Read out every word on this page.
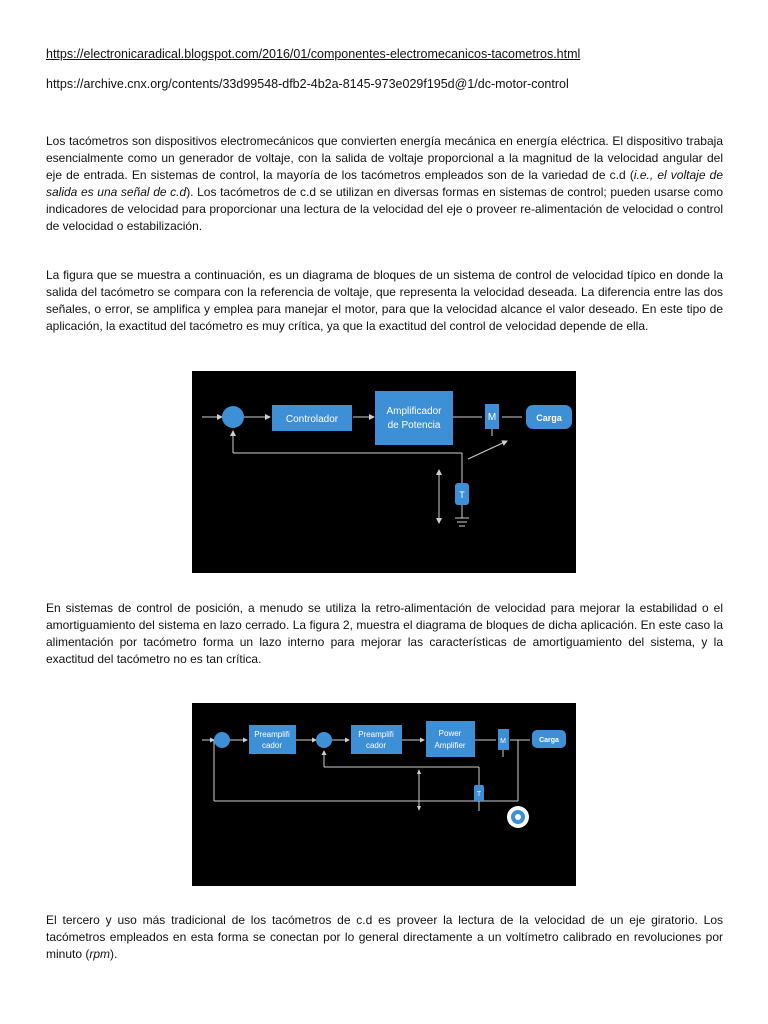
https://electronicaradical.blogspot.com/2016/01/componentes-electromecanicos-tacometros.html
https://archive.cnx.org/contents/33d99548-dfb2-4b2a-8145-973e029f195d@1/dc-motor-control

Los tacómetros son dispositivos electromecánicos que convierten energía mecánica en energía eléctrica. El dispositivo trabaja esencialmente como un generador de voltaje, con la salida de voltaje proporcional a la magnitud de la velocidad angular del eje de entrada. En sistemas de control, la mayoría de los tacómetros empleados son de la variedad de c.d (i.e., el voltaje de salida es una señal de c.d). Los tacómetros de c.d se utilizan en diversas formas en sistemas de control; pueden usarse como indicadores de velocidad para proporcionar una lectura de la velocidad del eje o proveer re-alimentación de velocidad o control de velocidad o estabilización.

La figura que se muestra a continuación, es un diagrama de bloques de un sistema de control de velocidad típico en donde la salida del tacómetro se compara con la referencia de voltaje, que representa la velocidad deseada. La diferencia entre las dos señales, o error, se amplifica y emplea para manejar el motor, para que la velocidad alcance el valor deseado. En este tipo de aplicación, la exactitud del tacómetro es muy crítica, ya que la exactitud del control de velocidad depende de ella.

Controlador
Amplificador
de Potencia
M	Carga
T

En sistemas de control de posición, a menudo se utiliza la retro-alimentación de velocidad para mejorar la estabilidad o el amortiguamiento del sistema en lazo cerrado. La figura 2, muestra el diagrama de bloques de dicha aplicación. En este caso la alimentación por tacómetro forma un lazo interno para mejorar las características de amortiguamiento del sistema, y la exactitud del tacómetro no es tan crítica.

Preamplifi
cador
Preamplifi
cador
Power
Amplifier	M	Carga
T

El tercero y uso más tradicional de los tacómetros de c.d es proveer la lectura de la velocidad de un eje giratorio. Los tacómetros empleados en esta forma se conectan por lo general directamente a un voltímetro calibrado en revoluciones por minuto (rpm).
